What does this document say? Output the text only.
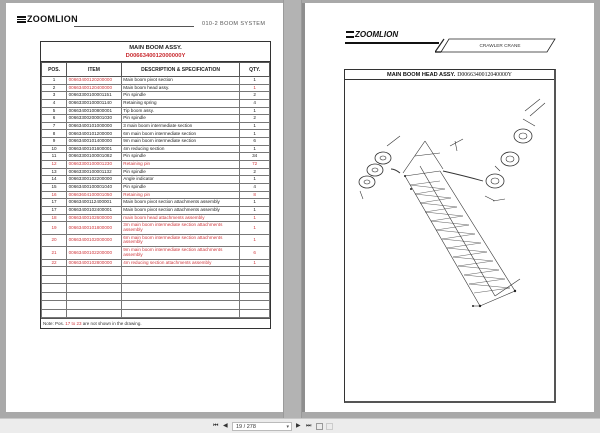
ZOOMLION	010-2 BOOM SYSTEM
MAIN BOOM ASSY.
D0066340012000000Y
POS.	ITEM	DESCRIPTION & SPECIFICATION	QTY.
1	00663400120200000	Main boom pivot section	1
2	00663400120400000	Main boom head assy.	1
3	00663300100001151	Pin spindle	2
4	00663300100001140	Retaining spring	4
5	00663400100800001	Tip boom assy.	1
6	00663300200001030	Pin spindle	2
7	00663400101000000	3 main boom intermediate section	1
8	00663400101200000	6m main boom intermediate section	1
9	00663400101400000	9m main boom intermediate section	6
10	00663400101600001	4m reducing section	1
11	00663300100001082	Pin spindle	34
12	00663300100001230	Retaining pin	72
13	00663300100001132	Pin spindle	2
14	00663300102200000	Angle indicator	1
15	00663400100001040	Pin spindle	4
16	00663604100001050	Retaining pin	8
17	00663400112400001	Main boom pivot section attachments assembly	1
17	00663400102400001	Main boom pivot section attachments assembly	1
18	00663400102600000	main boom head attachments assembly	1
19	00663400101800000	3m main boom intermediate section attachments assembly	1
20	00663400102000000	6m main boom intermediate section attachments assembly	1
21	00663400102200000	9m main boom intermediate section attachments assembly	6
22	00663400102800000	4m reducing section attachments assembly	1

Note: Pos. 17 to 23 are not shown in the drawing.
ZOOMLION
CRAWLER CRANE
MAIN BOOM HEAD ASSY. D0066340012040000Y
⏮ ◀	19 / 278	▾ ▶ ⏭
